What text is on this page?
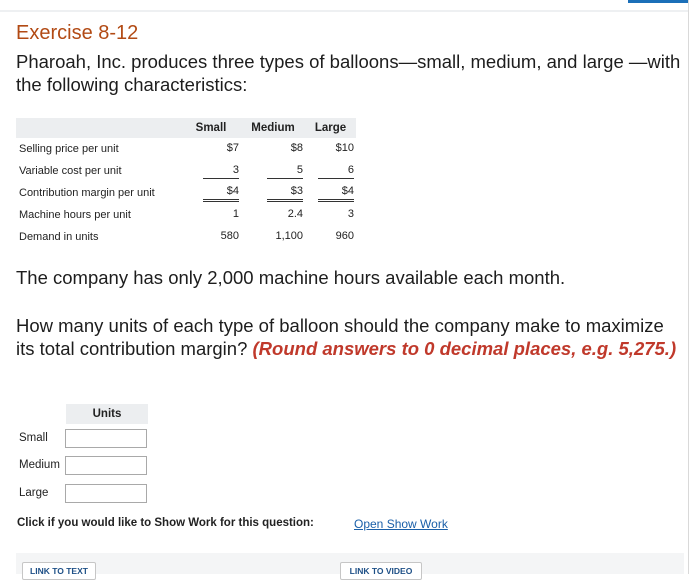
Exercise 8-12
Pharoah, Inc. produces three types of balloons—small, medium, and large —with the following characteristics:
	Small	Medium	Large
Selling price per unit	$7	$8	$10
Variable cost per unit	3	5	6
Contribution margin per unit	$4	$3	$4
Machine hours per unit	1	2.4	3
Demand in units	580	1,100	960
The company has only 2,000 machine hours available each month.
How many units of each type of balloon should the company make to maximize its total contribution margin? (Round answers to 0 decimal places, e.g. 5,275.)
Units
Small
Medium
Large
Click if you would like to Show Work for this question:	Open Show Work
LINK TO TEXT	LINK TO VIDEO
